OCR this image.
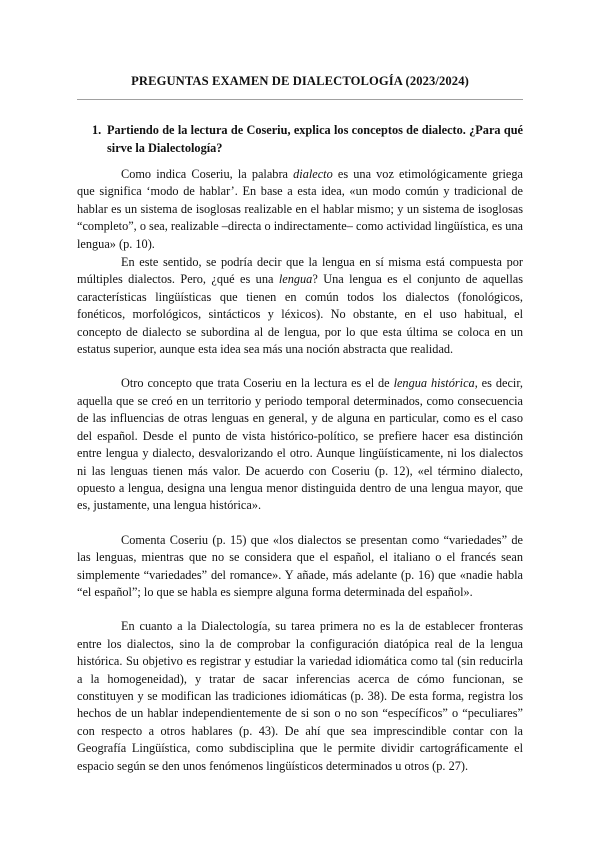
PREGUNTAS EXAMEN DE DIALECTOLOGÍA (2023/2024)
1. Partiendo de la lectura de Coseriu, explica los conceptos de dialecto. ¿Para qué sirve la Dialectología?

Como indica Coseriu, la palabra dialecto es una voz etimológicamente griega que significa ‘modo de hablar’. En base a esta idea, «un modo común y tradicional de hablar es un sistema de isoglosas realizable en el hablar mismo; y un sistema de isoglosas “completo”, o sea, realizable –directa o indirectamente– como actividad lingüística, es una lengua» (p. 10).

En este sentido, se podría decir que la lengua en sí misma está compuesta por múltiples dialectos. Pero, ¿qué es una lengua? Una lengua es el conjunto de aquellas características lingüísticas que tienen en común todos los dialectos (fonológicos, fonéticos, morfológicos, sintácticos y léxicos). No obstante, en el uso habitual, el concepto de dialecto se subordina al de lengua, por lo que esta última se coloca en un estatus superior, aunque esta idea sea más una noción abstracta que realidad.

Otro concepto que trata Coseriu en la lectura es el de lengua histórica, es decir, aquella que se creó en un territorio y periodo temporal determinados, como consecuencia de las influencias de otras lenguas en general, y de alguna en particular, como es el caso del español. Desde el punto de vista histórico-político, se prefiere hacer esa distinción entre lengua y dialecto, desvalorizando el otro. Aunque lingüísticamente, ni los dialectos ni las lenguas tienen más valor. De acuerdo con Coseriu (p. 12), «el término dialecto, opuesto a lengua, designa una lengua menor distinguida dentro de una lengua mayor, que es, justamente, una lengua histórica».

Comenta Coseriu (p. 15) que «los dialectos se presentan como “variedades” de las lenguas, mientras que no se considera que el español, el italiano o el francés sean simplemente “variedades” del romance». Y añade, más adelante (p. 16) que «nadie habla “el español”; lo que se habla es siempre alguna forma determinada del español».

En cuanto a la Dialectología, su tarea primera no es la de establecer fronteras entre los dialectos, sino la de comprobar la configuración diatópica real de la lengua histórica. Su objetivo es registrar y estudiar la variedad idiomática como tal (sin reducirla a la homogeneidad), y tratar de sacar inferencias acerca de cómo funcionan, se constituyen y se modifican las tradiciones idiomáticas (p. 38). De esta forma, registra los hechos de un hablar independientemente de si son o no son “específicos” o “peculiares” con respecto a otros hablares (p. 43). De ahí que sea imprescindible contar con la Geografía Lingüística, como subdisciplina que le permite dividir cartográficamente el espacio según se den unos fenómenos lingüísticos determinados u otros (p. 27).
